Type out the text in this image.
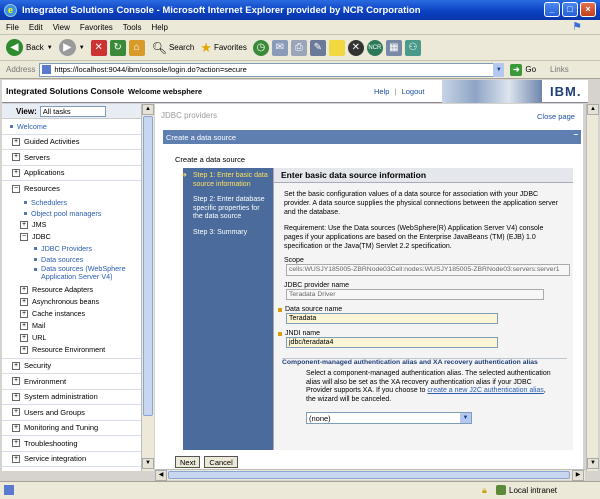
e Integrated Solutions Console - Microsoft Internet Explorer provided by NCR Corporation	_	□	×
File Edit View Favorites Tools Help	⚑
◀ Back ▼	▶	▼ ✕	↻	⌂ 🔍︎ Search ★ Favorites ◷	✉	⎙	✎	✕	NCR ▦ ⚇
Address	https://localhost:9044/ibm/console/login.do?action=secure	▼	➜ Go Links
Integrated Solutions Console Welcome websphere	Help | Logout	IBM.
View: All tasks
Welcome
+ Guided Activities
+ Servers
+ Applications
− Resources
Schedulers
Object pool managers
+ JMS
− JDBC
JDBC Providers
Data sources
Data sources (WebSphere Application Server V4)
+ Resource Adapters
+ Asynchronous beans
+ Cache instances
+ Mail
+ URL
+ Resource Environment
+ Security
+ Environment
+ System administration
+ Users and Groups
+ Monitoring and Tuning
+ Troubleshooting
+ Service integration
▲
▼
JDBC providers	Close page
Create a data source	−
Create a data source
➔ Step 1: Enter basic data source information
Step 2: Enter database specific properties for the data source
Step 3: Summary
Enter basic data source information
Set the basic configuration values of a data source for association with your JDBC provider. A data source supplies the physical connections between the application server and the database.
Requirement: Use the Data sources (WebSphere(R) Application Server V4) console pages if your applications are based on the Enterprise JavaBeans (TM) (EJB) 1.0 specification or the Java(TM) Servlet 2.2 specification.
Scope
cells:WUSJY185005-ZBRNode03Cell:nodes:WUSJY185005-ZBRNode03:servers:server1
JDBC provider name
Teradata Driver
Data source name
Teradata
JNDI name
jdbc/teradata4
Component-managed authentication alias and XA recovery authentication alias
Select a component-managed authentication alias. The selected authentication alias will also be set as the XA recovery authentication alias if your JDBC Provider supports XA. If you choose to create a new J2C authentication alias, the wizard will be canceled.
(none)	▼
Next	Cancel
▲
▼
◀	▶
🔒︎	Local intranet
